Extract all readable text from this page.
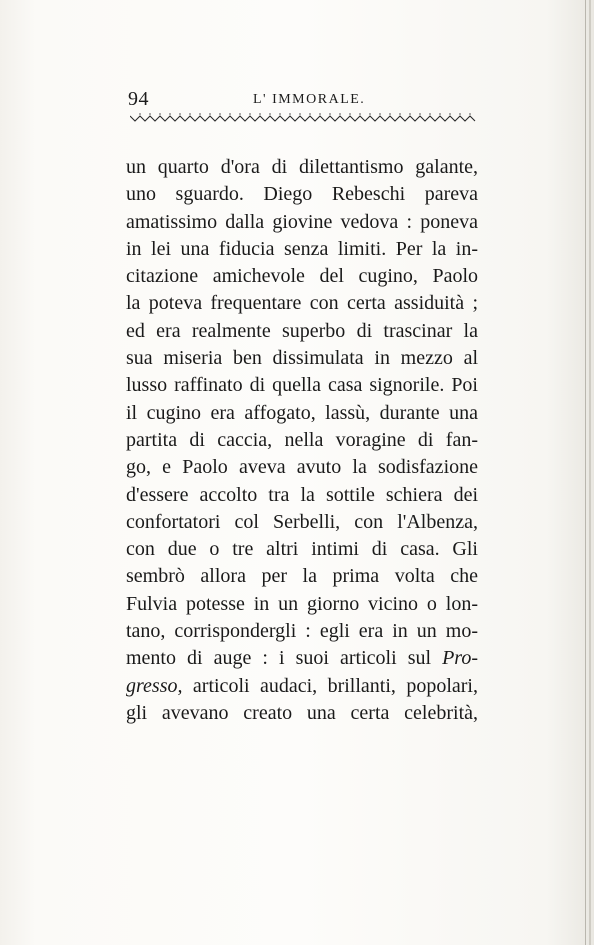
94	L' IMMORALE.
un quarto d'ora di dilettantismo galante,
uno sguardo. Diego Rebeschi pareva
amatissimo dalla giovine vedova : poneva
in lei una fiducia senza limiti. Per la in-
citazione amichevole del cugino, Paolo
la poteva frequentare con certa assiduità ;
ed era realmente superbo di trascinar la
sua miseria ben dissimulata in mezzo al
lusso raffinato di quella casa signorile. Poi
il cugino era affogato, lassù, durante una
partita di caccia, nella voragine di fan-
go, e Paolo aveva avuto la sodisfazione
d'essere accolto tra la sottile schiera dei
confortatori col Serbelli, con l'Albenza,
con due o tre altri intimi di casa. Gli
sembrò allora per la prima volta che
Fulvia potesse in un giorno vicino o lon-
tano, corrispondergli : egli era in un mo-
mento di auge : i suoi articoli sul Pro-
gresso, articoli audaci, brillanti, popolari,
gli avevano creato una certa celebrità,
